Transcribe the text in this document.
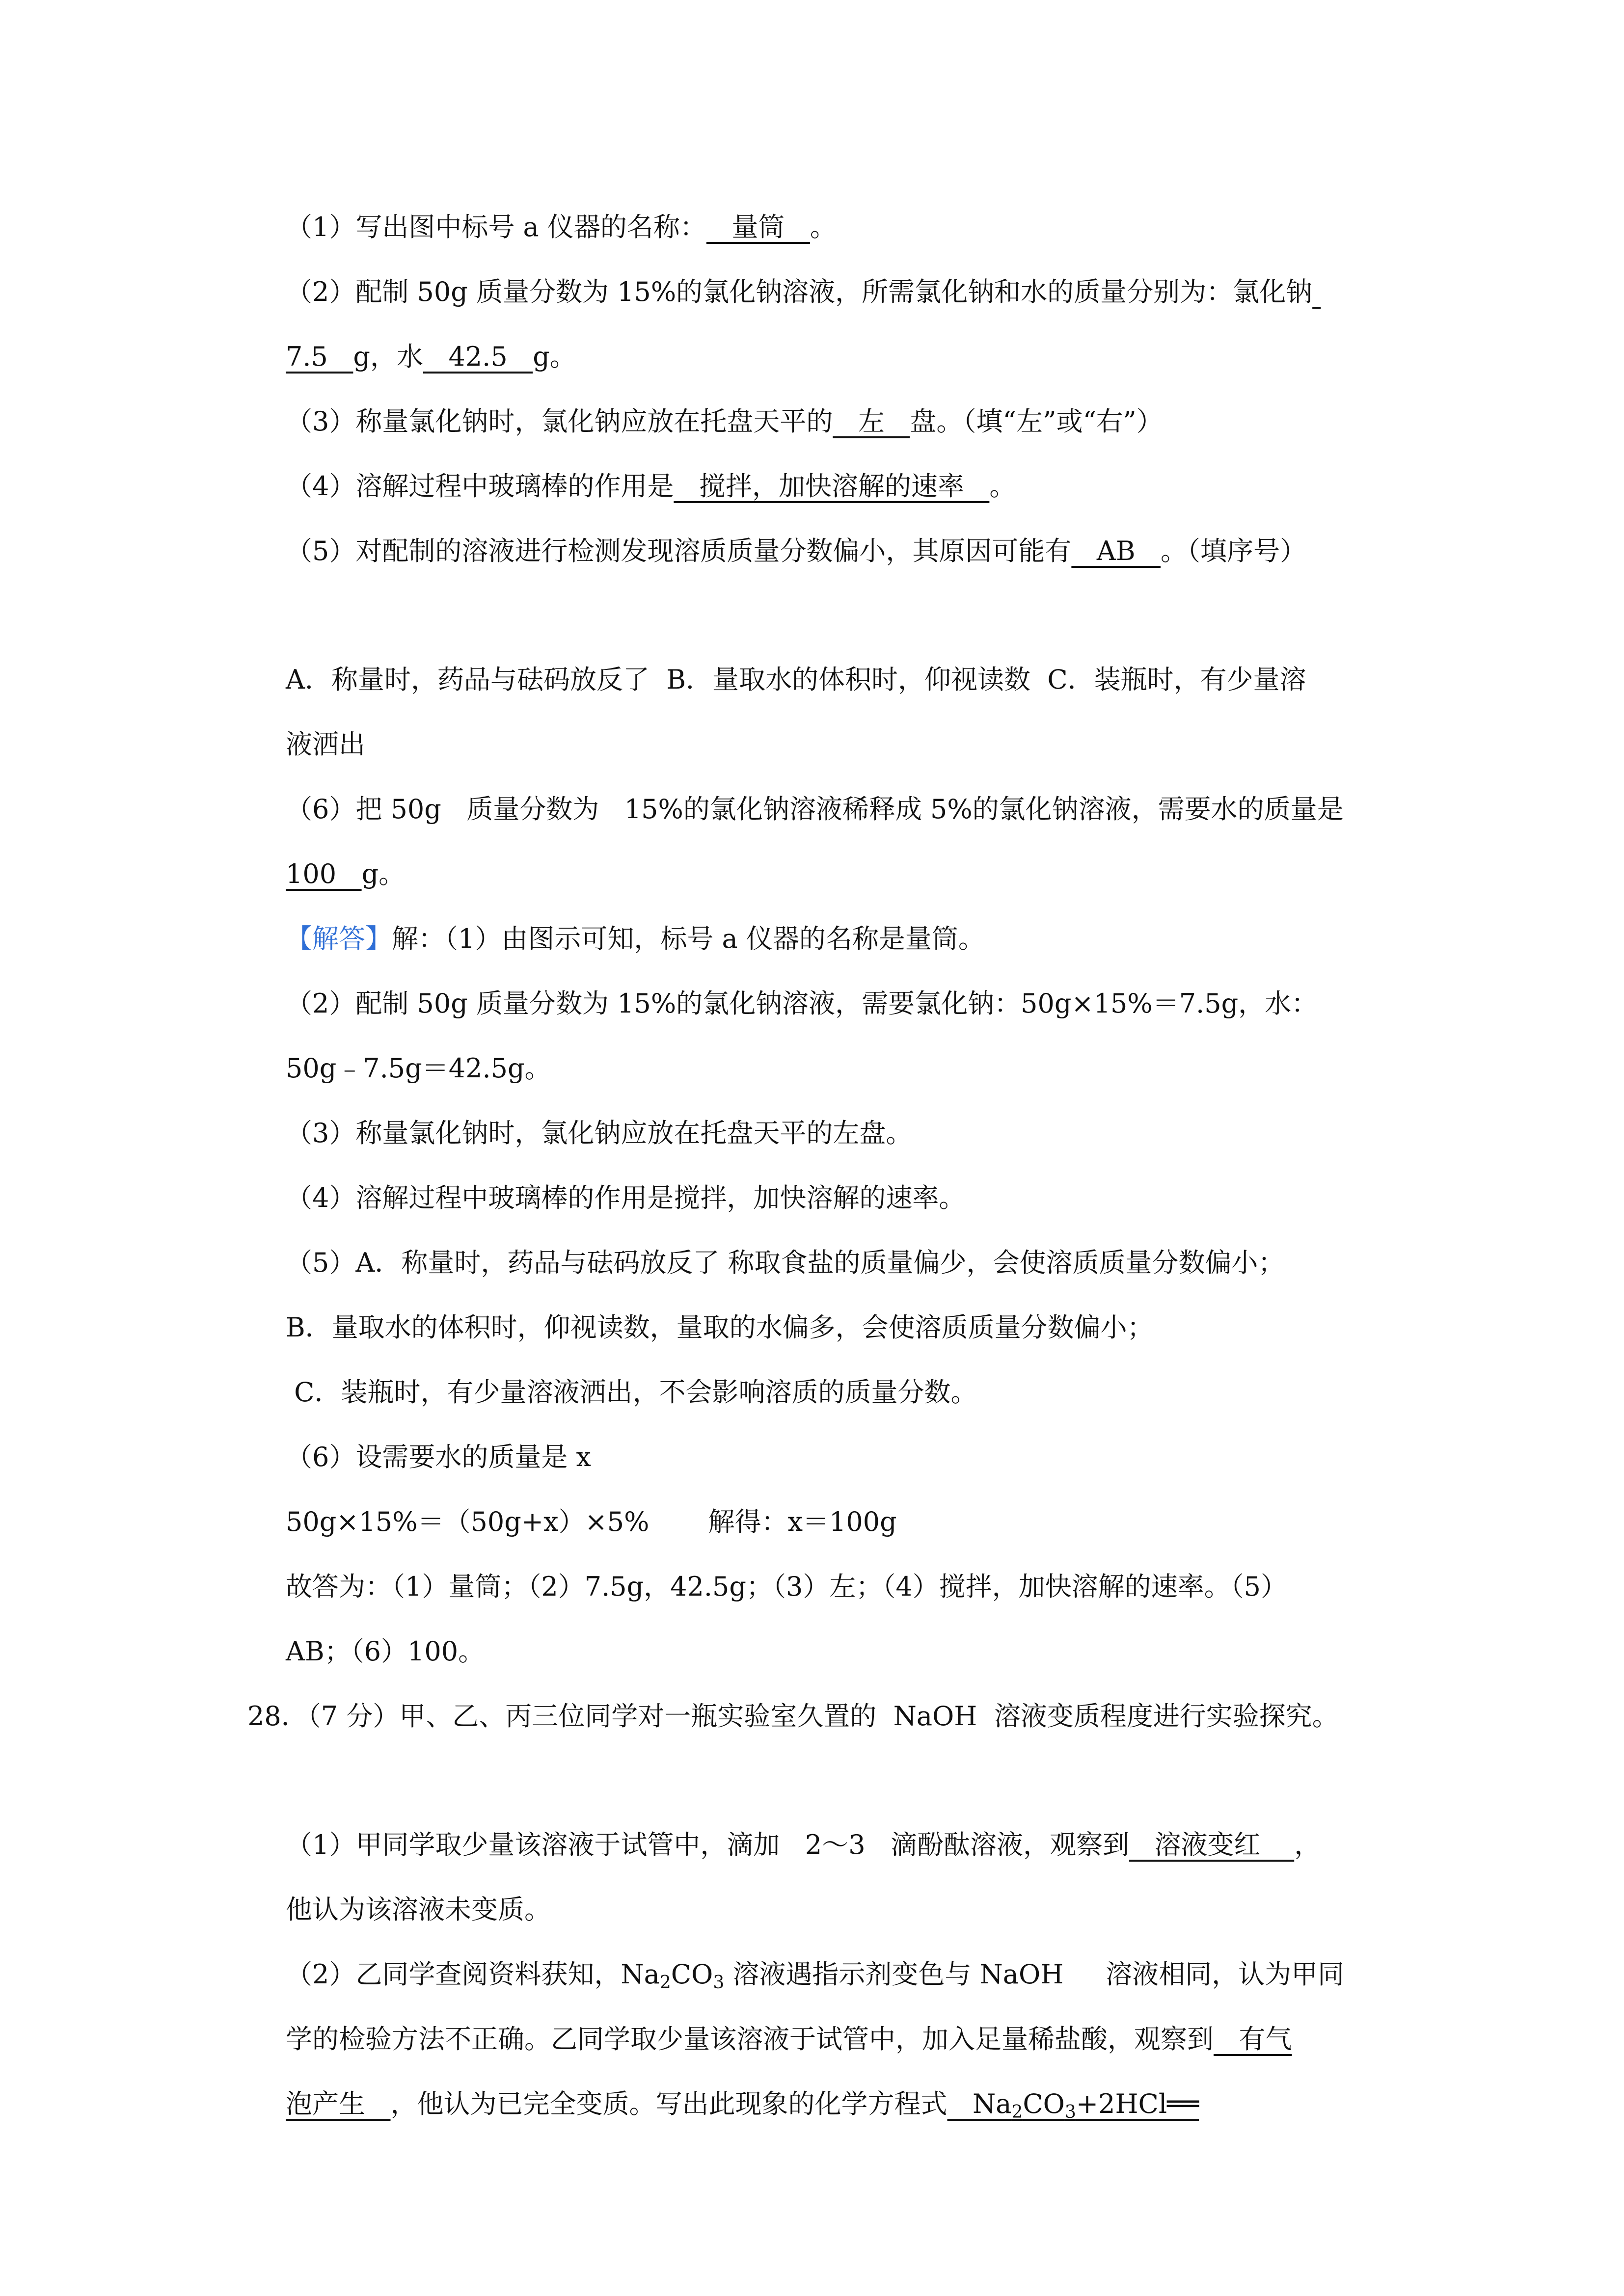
（1）写出图中标号 a 仪器的名称：   量筒   。
（2）配制 50g 质量分数为 15%的氯化钠溶液，所需氯化钠和水的质量分别为：氯化钠
7.5   g，水   42.5   g。
（3）称量氯化钠时，氯化钠应放在托盘天平的   左   盘。（填“左”或“右”）
（4）溶解过程中玻璃棒的作用是   搅拌，加快溶解的速率   。
（5）对配制的溶液进行检测发现溶质质量分数偏小，其原因可能有   AB   。（填序号）
A．称量时，药品与砝码放反了  B．量取水的体积时，仰视读数  C．装瓶时，有少量溶
液洒出
（6）把 50g   质量分数为   15%的氯化钠溶液稀释成 5%的氯化钠溶液，需要水的质量是
100   g。
【解答】解：（1）由图示可知，标号 a 仪器的名称是量筒。
（2）配制 50g 质量分数为 15%的氯化钠溶液，需要氯化钠：50g×15%＝7.5g，水：
50g﹣7.5g＝42.5g。
（3）称量氯化钠时，氯化钠应放在托盘天平的左盘。
（4）溶解过程中玻璃棒的作用是搅拌，加快溶解的速率。
（5）A．称量时，药品与砝码放反了 称取食盐的质量偏少，会使溶质质量分数偏小；
B．量取水的体积时，仰视读数，量取的水偏多，会使溶质质量分数偏小；
C．装瓶时，有少量溶液洒出，不会影响溶质的质量分数。
（6）设需要水的质量是 x
50g×15%＝（50g+x）×5%       解得：x＝100g
故答为：（1）量筒；（2）7.5g，42.5g；（3）左；（4）搅拌，加快溶解的速率。（5）
AB；（6）100。
28．（7 分）甲、乙、丙三位同学对一瓶实验室久置的  NaOH  溶液变质程度进行实验探究。
（1）甲同学取少量该溶液于试管中，滴加   2～3   滴酚酞溶液，观察到   溶液变红    ，
他认为该溶液未变质。
（2）乙同学查阅资料获知，$Na_2CO_3$ 溶液遇指示剂变色与 NaOH     溶液相同，认为甲同
学的检验方法不正确。乙同学取少量该溶液于试管中，加入足量稀盐酸，观察到   有气
泡产生   ，他认为已完全变质。写出此现象的化学方程式   $Na_2CO_3+2HCl══$
